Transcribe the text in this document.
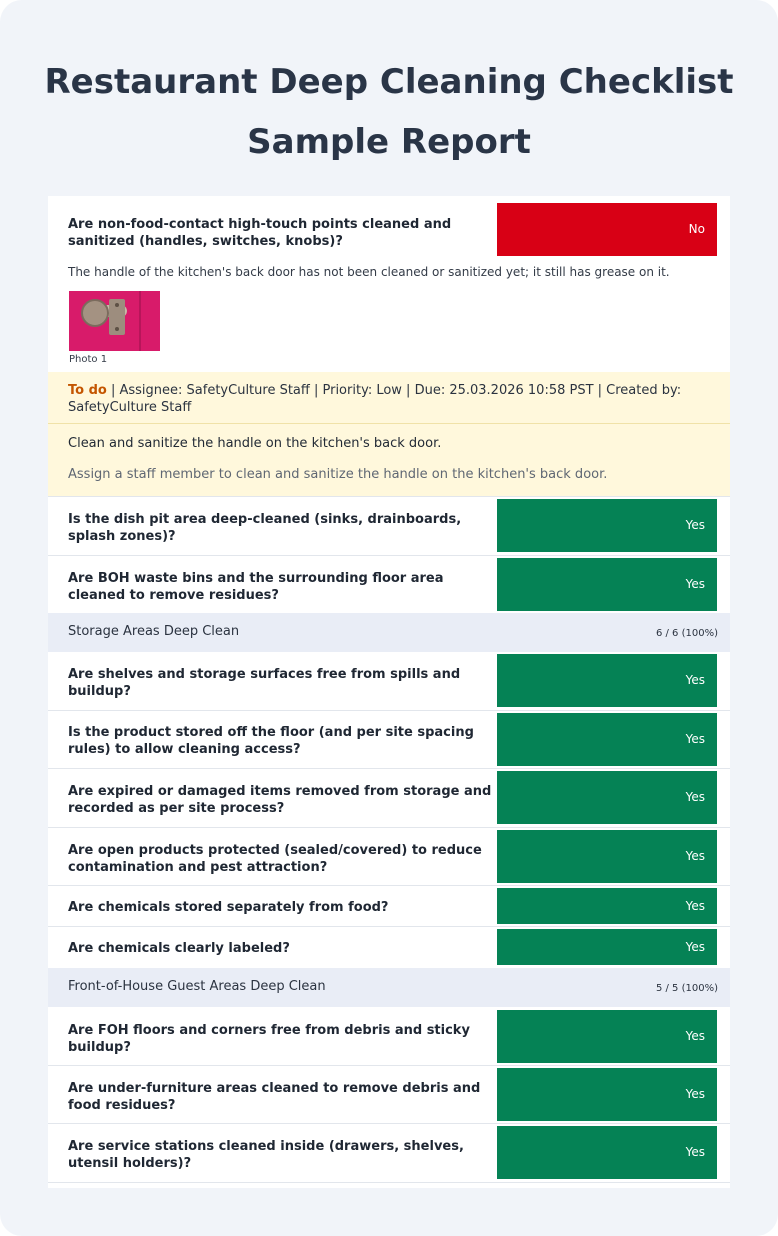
Restaurant Deep Cleaning Checklist
Sample Report
Are non-food-contact high-touch points cleaned and sanitized (handles, switches, knobs)?
No
The handle of the kitchen's back door has not been cleaned or sanitized yet; it still has grease on it.
Photo 1
To do | Assignee: SafetyCulture Staff | Priority: Low | Due: 25.03.2026 10:58 PST | Created by: SafetyCulture Staff
Clean and sanitize the handle on the kitchen's back door.
Assign a staff member to clean and sanitize the handle on the kitchen's back door.
Is the dish pit area deep-cleaned (sinks, drainboards, splash zones)?
Yes
Are BOH waste bins and the surrounding floor area cleaned to remove residues?
Yes
Storage Areas Deep Clean	6 / 6 (100%)
Are shelves and storage surfaces free from spills and buildup?
Yes
Is the product stored off the floor (and per site spacing rules) to allow cleaning access?
Yes
Are expired or damaged items removed from storage and recorded as per site process?
Yes
Are open products protected (sealed/covered) to reduce contamination and pest attraction?
Yes
Are chemicals stored separately from food?	Yes
Are chemicals clearly labeled?	Yes
Front-of-House Guest Areas Deep Clean	5 / 5 (100%)
Are FOH floors and corners free from debris and sticky buildup?
Yes
Are under-furniture areas cleaned to remove debris and food residues?
Yes
Are service stations cleaned inside (drawers, shelves, utensil holders)?
Yes
